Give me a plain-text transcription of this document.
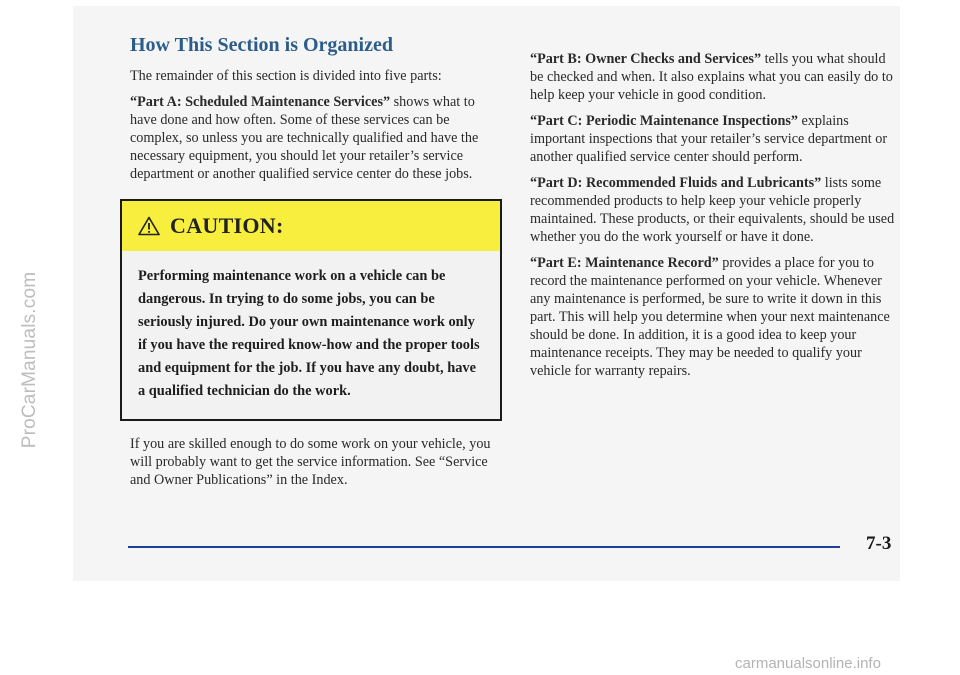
ProCarManuals.com
How This Section is Organized

The remainder of this section is divided into five parts:

“Part A: Scheduled Maintenance Services” shows what to have done and how often. Some of these services can be complex, so unless you are technically qualified and have the necessary equipment, you should let your retailer’s service department or another qualified service center do these jobs.

CAUTION:

Performing maintenance work on a vehicle can be dangerous. In trying to do some jobs, you can be seriously injured. Do your own maintenance work only if you have the required know-how and the proper tools and equipment for the job. If you have any doubt, have a qualified technician do the work.

If you are skilled enough to do some work on your vehicle, you will probably want to get the service information. See “Service and Owner Publications” in the Index.

“Part B: Owner Checks and Services” tells you what should be checked and when. It also explains what you can easily do to help keep your vehicle in good condition.

“Part C: Periodic Maintenance Inspections” explains important inspections that your retailer’s service department or another qualified service center should perform.

“Part D: Recommended Fluids and Lubricants” lists some recommended products to help keep your vehicle properly maintained. These products, or their equivalents, should be used whether you do the work yourself or have it done.

“Part E: Maintenance Record” provides a place for you to record the maintenance performed on your vehicle. Whenever any maintenance is performed, be sure to write it down in this part. This will help you determine when your next maintenance should be done. In addition, it is a good idea to keep your maintenance receipts. They may be needed to qualify your vehicle for warranty repairs.

7-3
carmanualsonline.info
